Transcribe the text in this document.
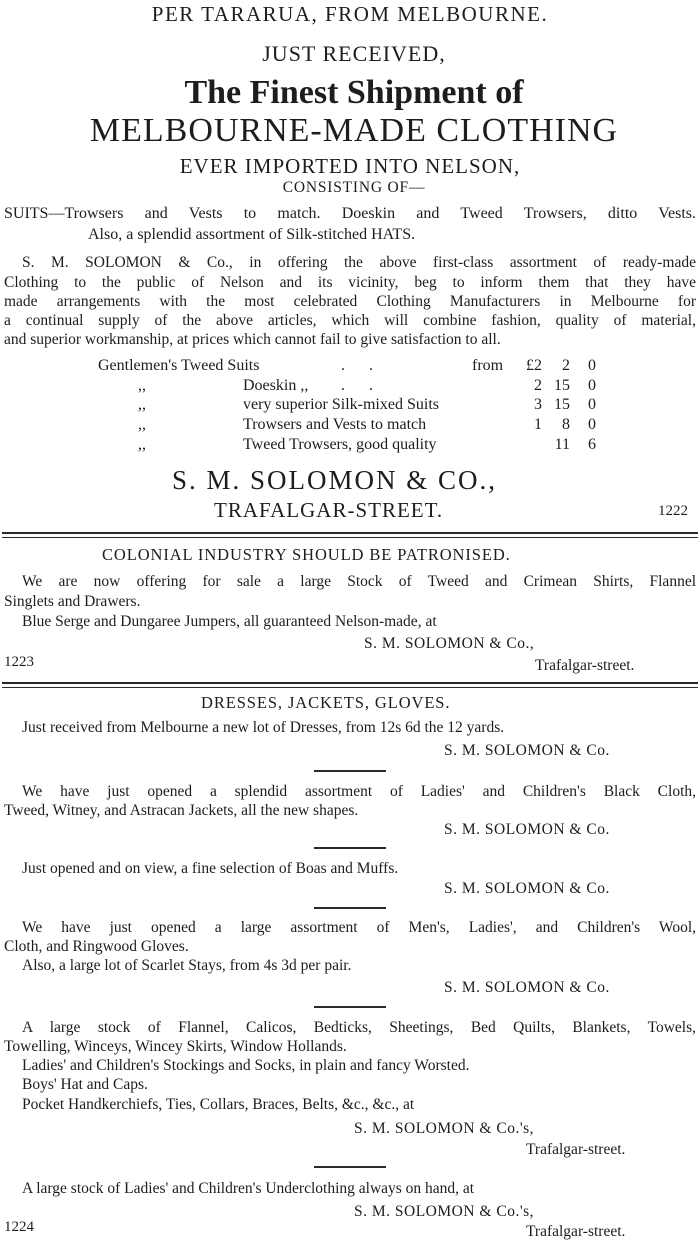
PER TARARUA, FROM MELBOURNE.
JUST RECEIVED,
The Finest Shipment of
MELBOURNE-MADE CLOTHING
EVER IMPORTED INTO NELSON,
CONSISTING OF—
SUITS—Trowsers and Vests to match. Doeskin and Tweed Trowsers, ditto Vests.
Also, a splendid assortment of Silk-stitched HATS.
S. M. SOLOMON & Co., in offering the above first-class assortment of ready-made
Clothing to the public of Nelson and its vicinity, beg to inform them that they have
made arrangements with the most celebrated Clothing Manufacturers in Melbourne for
a continual supply of the above articles, which will combine fashion, quality of material,
and superior workmanship, at prices which cannot fail to give satisfaction to all.
Gentlemen's Tweed Suits		.      .	from	£2	2	0
,,	Doeskin ,,	.      .		2	15	0
,,	very superior Silk-mixed Suits			3	15	0
,,	Trowsers and Vests to match			1	8	0
,,	Tweed Trowsers, good quality				11	6
S. M. SOLOMON & CO.,
TRAFALGAR-STREET.	1222
COLONIAL INDUSTRY SHOULD BE PATRONISED.
We are now offering for sale a large Stock of Tweed and Crimean Shirts, Flannel
Singlets and Drawers.
Blue Serge and Dungaree Jumpers, all guaranteed Nelson-made, at
S. M. SOLOMON & Co.,
1223	Trafalgar-street.
DRESSES, JACKETS, GLOVES.
Just received from Melbourne a new lot of Dresses, from 12s 6d the 12 yards.
S. M. SOLOMON & Co.
We have just opened a splendid assortment of Ladies' and Children's Black Cloth,
Tweed, Witney, and Astracan Jackets, all the new shapes.
S. M. SOLOMON & Co.
Just opened and on view, a fine selection of Boas and Muffs.
S. M. SOLOMON & Co.
We have just opened a large assortment of Men's, Ladies', and Children's Wool,
Cloth, and Ringwood Gloves.
Also, a large lot of Scarlet Stays, from 4s 3d per pair.
S. M. SOLOMON & Co.
A large stock of Flannel, Calicos, Bedticks, Sheetings, Bed Quilts, Blankets, Towels,
Towelling, Winceys, Wincey Skirts, Window Hollands.
Ladies' and Children's Stockings and Socks, in plain and fancy Worsted.
Boys' Hat and Caps.
Pocket Handkerchiefs, Ties, Collars, Braces, Belts, &c., &c., at
S. M. SOLOMON & Co.'s,
Trafalgar-street.
A large stock of Ladies' and Children's Underclothing always on hand, at
S. M. SOLOMON & Co.'s,
1224	Trafalgar-street.
